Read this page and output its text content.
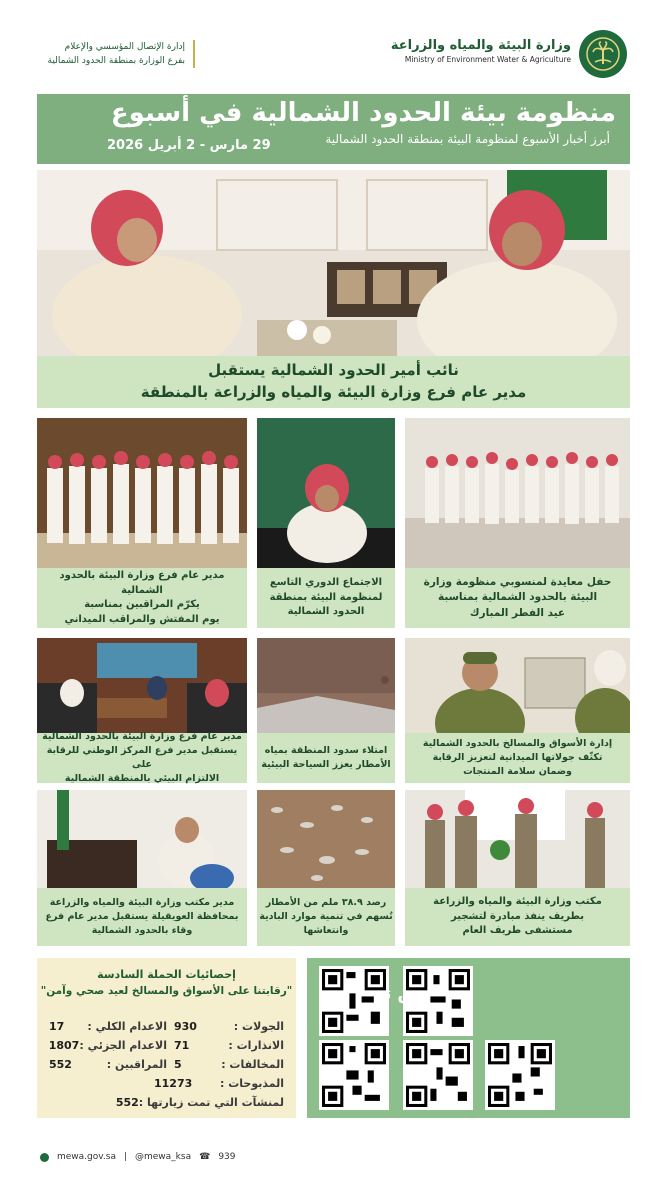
وزارة البيئة والمياه والزراعة
Ministry of Environment Water & Agriculture
إدارة الإتصال المؤسسي والإعلام
بفرع الوزارة بمنطقة الحدود الشمالية
منظومة بيئة الحدود الشمالية في أسبوع
أبرز أخبار الأسبوع لمنظومة البيئة بمنطقة الحدود الشمالية
29 مارس - 2 أبريل 2026
نائب أمير الحدود الشمالية يستقبل
مدير عام فرع وزارة البيئة والمياه والزراعة بالمنطقة
حفل معايدة لمنسوبي منظومة وزارة
البيئة بالحدود الشمالية بمناسبة
عيد الفطر المبارك
الاجتماع الدوري التاسع
لمنظومة البيئة بمنطقة
الحدود الشمالية
مدير عام فرع وزارة البيئة بالحدود الشمالية
يكرّم المراقبين بمناسبة
يوم المفتش والمراقب الميداني
إدارة الأسواق والمسالخ بالحدود الشمالية
تكثّف جولاتها الميدانية لتعزيز الرقابة
وضمان سلامة المنتجات
امتلاء سدود المنطقة بمياه
الأمطار يعزز السياحة البيئية
مدير عام فرع وزارة البيئة بالحدود الشمالية
يستقبل مدير فرع المركز الوطني للرقابة على
الالتزام البيئي بالمنطقة الشمالية
مكتب وزارة البيئة والمياه والزراعة
بطريف ينفذ مبادرة لتشجير
مستشفى طريف العام
رصد ٣٨.٩ ملم من الأمطار
تُسهم في تنمية موارد البادية
وانتعاشها
مدير مكتب وزارة البيئة والمياه والزراعة
بمحافظة العويقيلة يستقبل مدير عام فرع
وقاء بالحدود الشمالية
إحصائيات الحملة السادسة
"رقابتنا على الأسواق والمسالخ لعيد صحي وآمن"
الجولات :
930
الاعدام الكلي :
17
الانذارات :
71
الاعدام الجزئي :
1807
المخالفات :
5
المراقبين :
552
المذبوحات :
11273
لمنشآت التي تمت زيارتها :
552
mewa.gov.sa | @mewa_ksa ☎ 939
